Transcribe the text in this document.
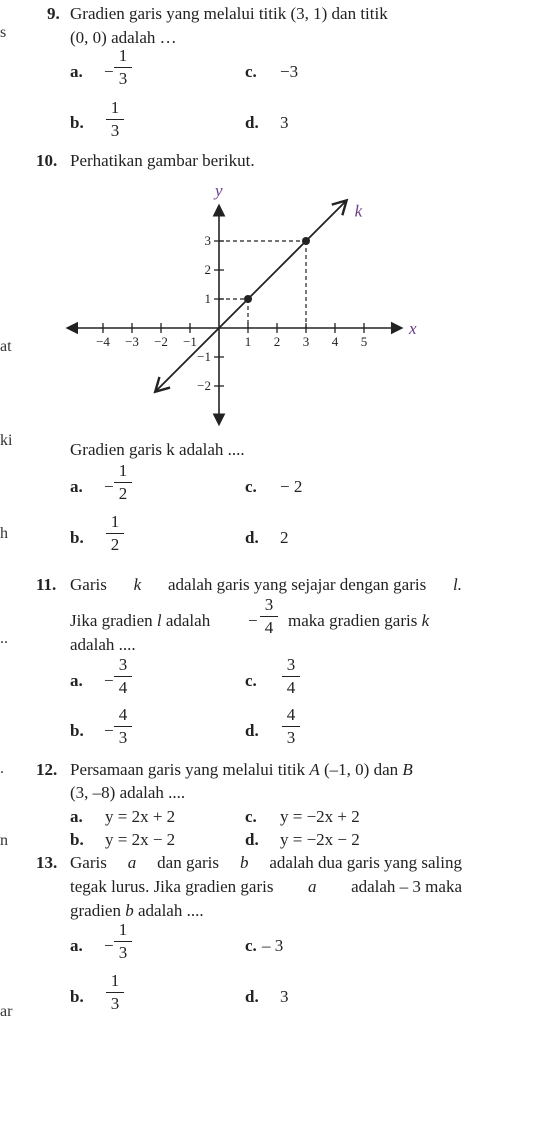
s
at
ki
h
..
.
n
ar
9. Gradien garis yang melalui titik (3, 1) dan titik
(0, 0) adalah …
a. −
1
3	c. −3
b.
1
3	d. 3
10. Perhatikan gambar berikut.
−4 −3 −2 −1	1 2 3 4 5
−2
−1
1
2
3
x
y
k
Gradien garis k adalah ....
a. −
1
2	c. − 2
b.
1
2	d. 2
11. Garis k adalah garis yang sejajar dengan garis l.
Jika gradien l adalah −
3
4 maka gradien garis k
adalah ....
a. −
3
4	c.
3
4
b. −
4
3	d.
4
3
12. Persamaan garis yang melalui titik A (–1, 0) dan B
(3, –8) adalah ....
a. y = 2x + 2	c. y = −2x + 2
b. y = 2x − 2	d. y = −2x − 2
13. Garis a dan garis b adalah dua garis yang saling
tegak lurus. Jika gradien garis a adalah – 3 maka
gradien b adalah ....
a. −
1
3	c. – 3
b.
1
3	d. 3
